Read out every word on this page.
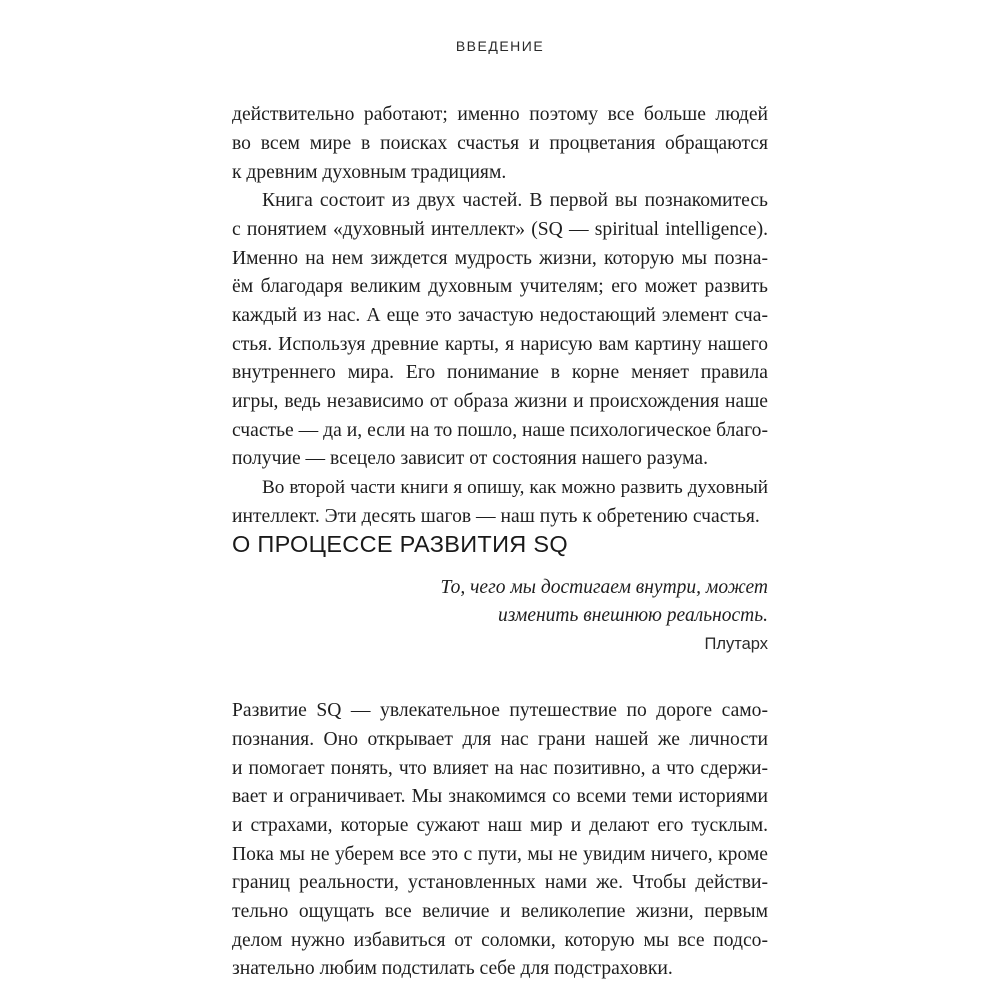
ВВЕДЕНИЕ
действительно работают; именно поэтому все больше людей
во всем мире в поисках счастья и процветания обращаются
к древним духовным традициям.
Книга состоит из двух частей. В первой вы познакомитесь
с понятием «духовный интеллект» (SQ — spiritual intelligence).
Именно на нем зиждется мудрость жизни, которую мы позна-
ём благодаря великим духовным учителям; его может развить
каждый из нас. А еще это зачастую недостающий элемент сча-
стья. Используя древние карты, я нарисую вам картину нашего
внутреннего мира. Его понимание в корне меняет правила
игры, ведь независимо от образа жизни и происхождения наше
счастье — да и, если на то пошло, наше психологическое благо-
получие — всецело зависит от состояния нашего разума.
Во второй части книги я опишу, как можно развить духовный
интеллект. Эти десять шагов — наш путь к обретению счастья.
О ПРОЦЕССЕ РАЗВИТИЯ SQ
То, чего мы достигаем внутри, может
изменить внешнюю реальность.
Плутарх
Развитие SQ — увлекательное путешествие по дороге само-
познания. Оно открывает для нас грани нашей же личности
и помогает понять, что влияет на нас позитивно, а что сдержи-
вает и ограничивает. Мы знакомимся со всеми теми историями
и страхами, которые сужают наш мир и делают его тусклым.
Пока мы не уберем все это с пути, мы не увидим ничего, кроме
границ реальности, установленных нами же. Чтобы действи-
тельно ощущать все величие и великолепие жизни, первым
делом нужно избавиться от соломки, которую мы все подсо-
знательно любим подстилать себе для подстраховки.
